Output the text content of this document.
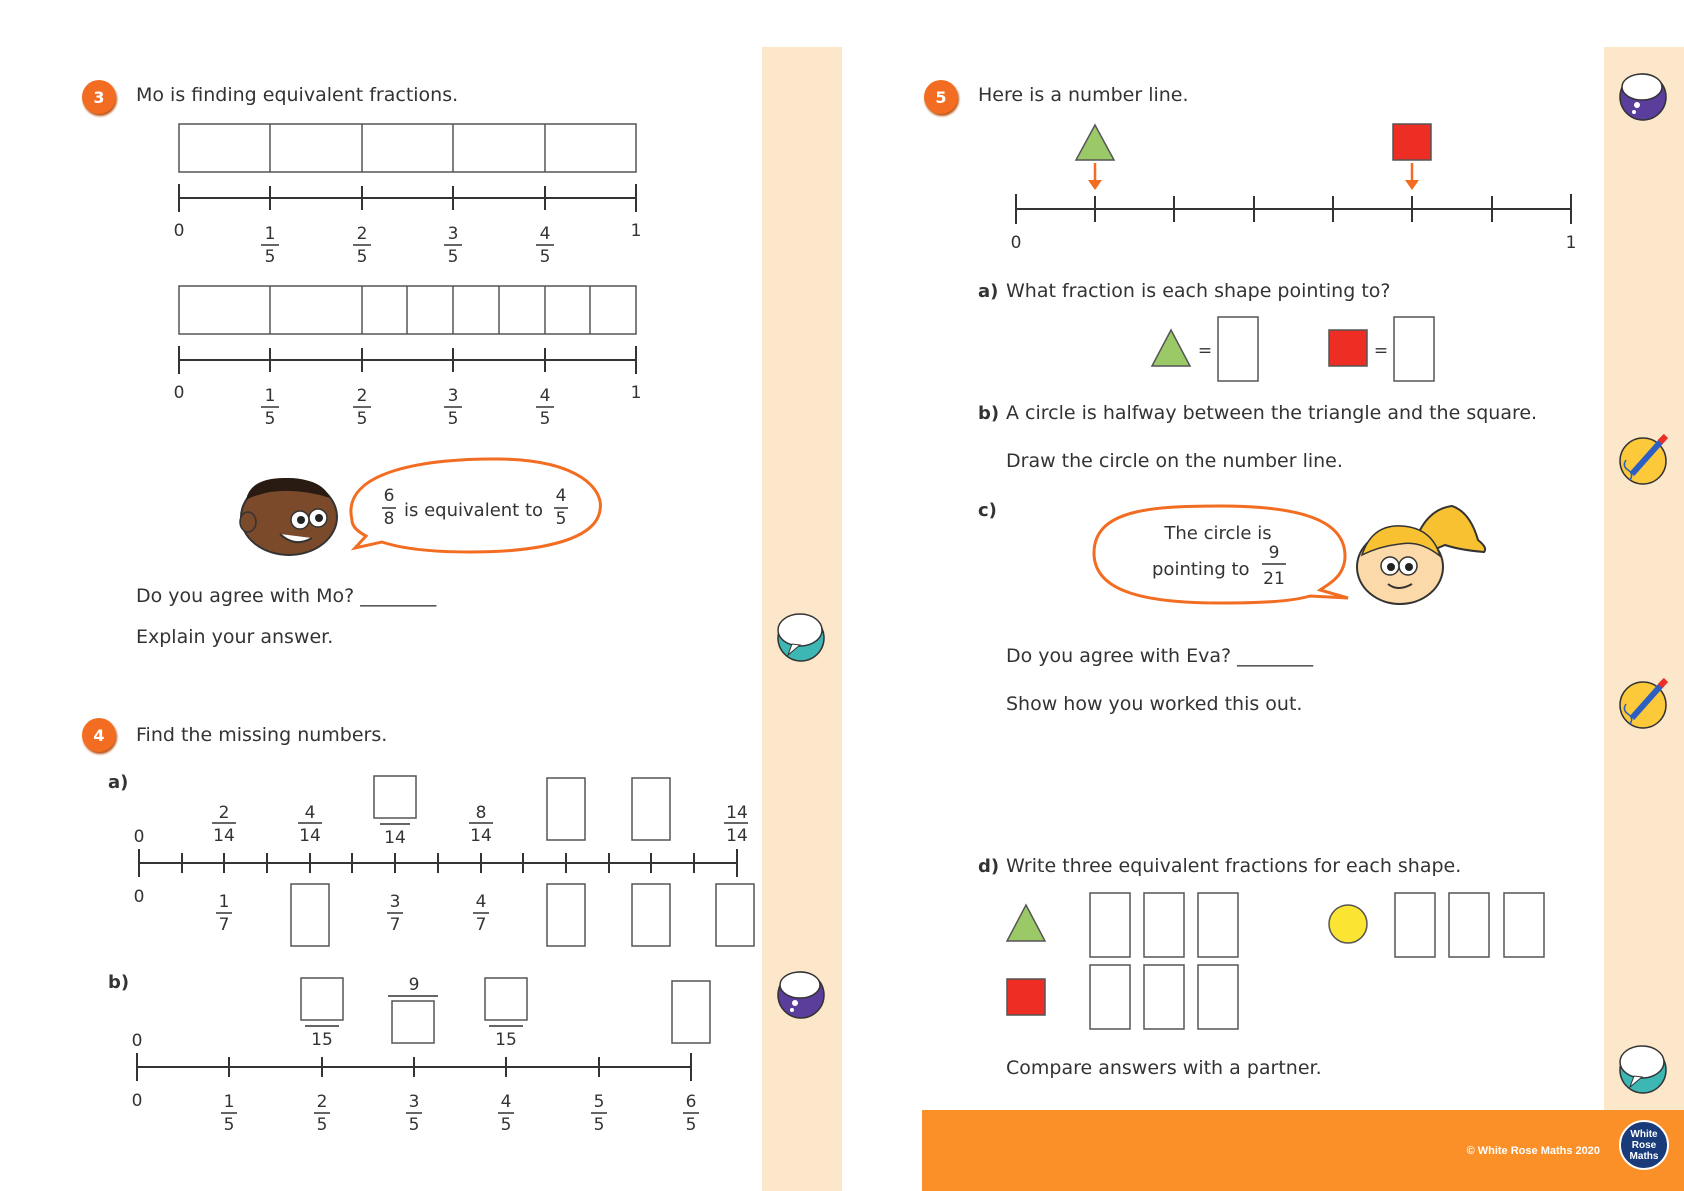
3	Mo is finding equivalent fractions.
0	1
5
2
5
3
5
4
5
1
0	1
5
2
5
3
5
4
5
1
6
8 is equivalent to
4
5
Do you agree with Mo? ________
Explain your answer.
4	Find the missing numbers.
a)
b)
0
2
14
4
14	14
8
14
14
14
0	1
7
3
7
4
7
0	15
9
15
0	1
5
2
5
3
5
4
5
5
5
6
5
5	Here is a number line.
a) What fraction is each shape pointing to?
b) A circle is halfway between the triangle and the square.
Draw the circle on the number line.
c)
Do you agree with Eva? ________
Show how you worked this out.
d) Write three equivalent fractions for each shape.
Compare answers with a partner.
0	1
=	=
The circle is
pointing to
9
21
© White Rose Maths 2020
White
Rose
Maths
